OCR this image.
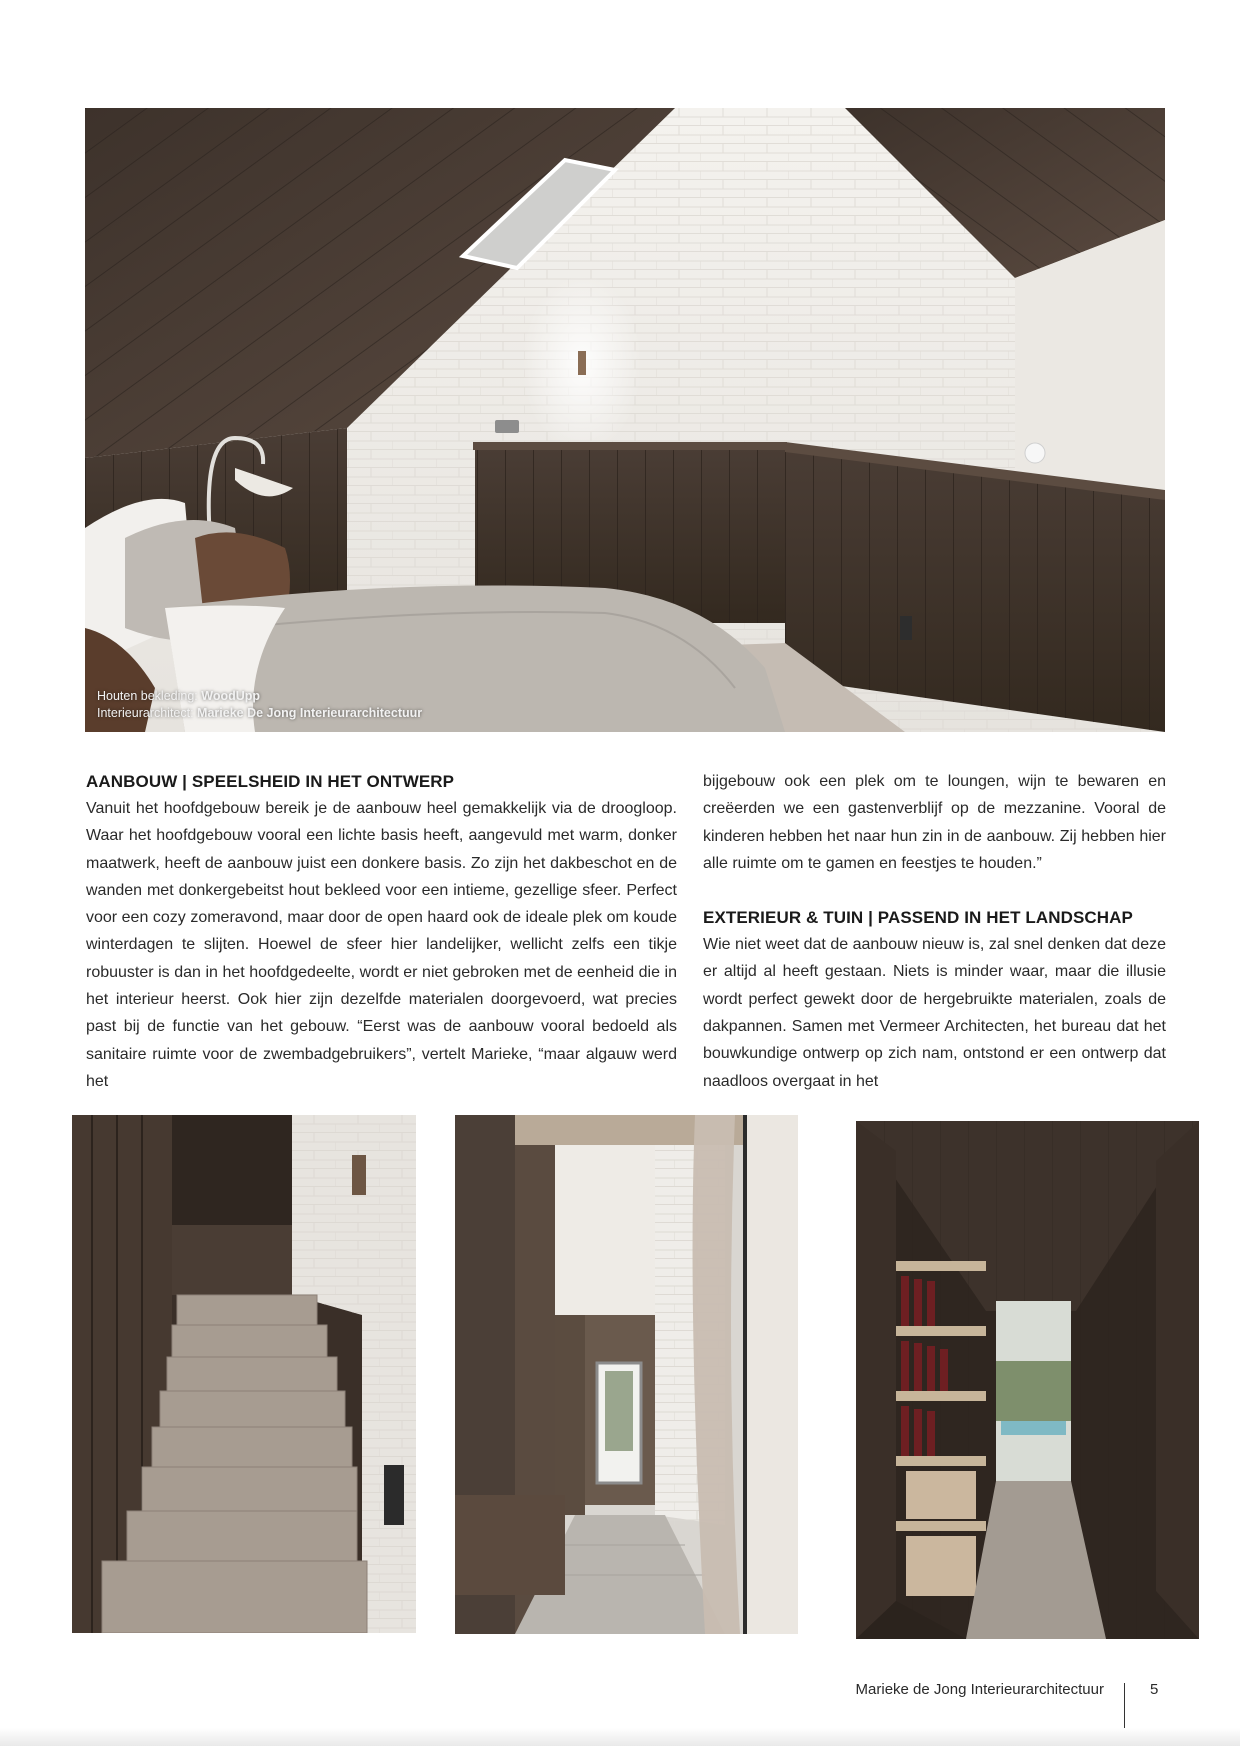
Houten bekleding: WoodUpp
Interieurarchitect: Marieke De Jong Interieurarchitectuur
AANBOUW | SPEELSHEID IN HET ONTWERP

Vanuit het hoofdgebouw bereik je de aanbouw heel gemakkelijk via de droogloop. Waar het hoofdgebouw vooral een lichte basis heeft, aangevuld met warm, donker maatwerk, heeft de aanbouw juist een donkere basis. Zo zijn het dakbeschot en de wanden met donkergebeitst hout bekleed voor een intieme, gezellige sfeer. Perfect voor een cozy zomeravond, maar door de open haard ook de ideale plek om koude winterdagen te slijten. Hoewel de sfeer hier landelijker, wellicht zelfs een tikje robuuster is dan in het hoofdgedeelte, wordt er niet gebroken met de eenheid die in het interieur heerst. Ook hier zijn dezelfde materialen doorgevoerd, wat precies past bij de functie van het gebouw. “Eerst was de aanbouw vooral bedoeld als sanitaire ruimte voor de zwembadgebruikers”, vertelt Marieke, “maar algauw werd het

bijgebouw ook een plek om te loungen, wijn te bewaren en creëerden we een gastenverblijf op de mezzanine. Vooral de kinderen hebben het naar hun zin in de aanbouw. Zij hebben hier alle ruimte om te gamen en feestjes te houden.”

EXTERIEUR & TUIN | PASSEND IN HET LANDSCHAP

Wie niet weet dat de aanbouw nieuw is, zal snel denken dat deze er altijd al heeft gestaan. Niets is minder waar, maar die illusie wordt perfect gewekt door de hergebruikte materialen, zoals de dakpannen. Samen met Vermeer Architecten, het bureau dat het bouwkundige ontwerp op zich nam, ontstond er een ontwerp dat naadloos overgaat in het

Marieke de Jong Interieurarchitectuur	5
